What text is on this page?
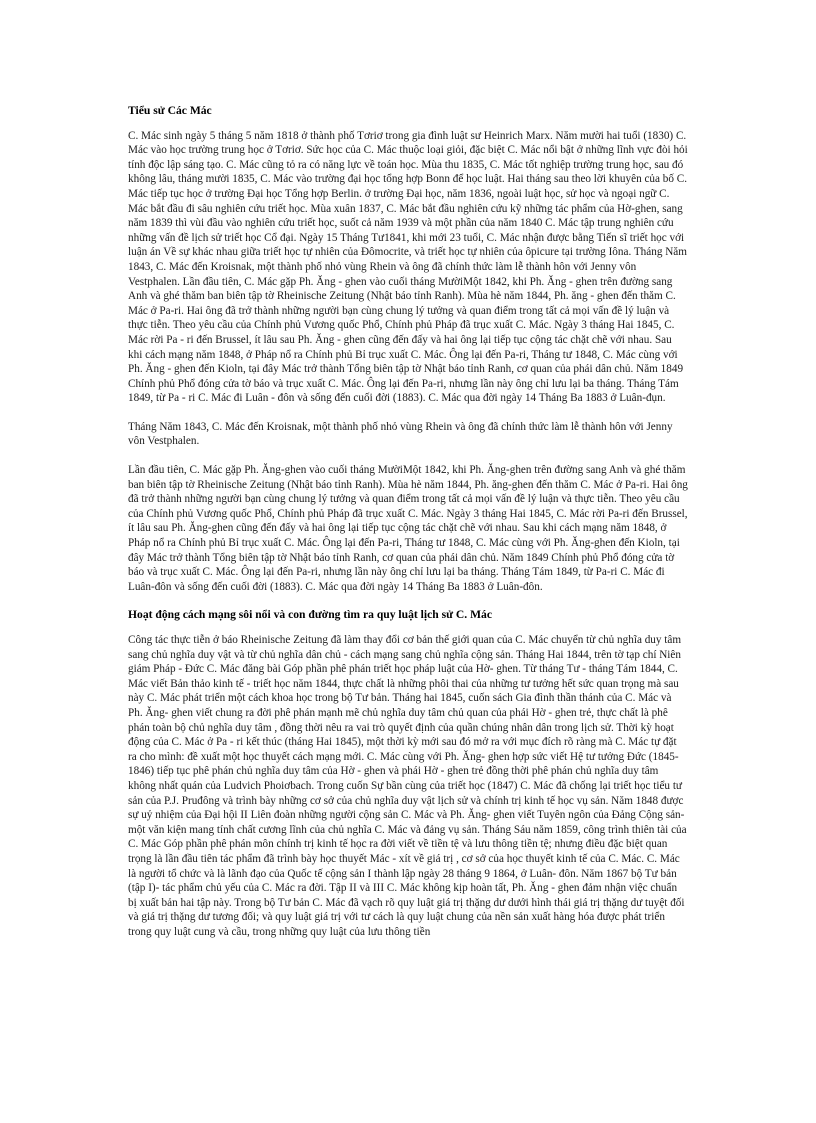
Tiểu sử Các Mác

C. Mác sinh ngày 5 tháng 5 năm 1818 ở thành phố Tơriơ trong gia đình luật sư Heinrich Marx. Năm mười hai tuổi (1830) C. Mác vào học trường trung học ở Tơriơ. Sức học của C. Mác thuộc loại giỏi, đặc biệt C. Mác nổi bật ở những lĩnh vực đòi hỏi tính độc lập sáng tạo. C. Mác cũng tỏ ra có năng lực về toán học. Mùa thu 1835, C. Mác tốt nghiệp trường trung học, sau đó không lâu, tháng mười 1835, C. Mác vào trường đại học tổng hợp Bonn để học luật. Hai tháng sau theo lời khuyên của bố C. Mác tiếp tục học ở trường Đại học Tổng hợp Berlin. ở trường Đại học, năm 1836, ngoài luật học, sử học và ngoại ngữ C. Mác bắt đầu đi sâu nghiên cứu triết học. Mùa xuân 1837, C. Mác bắt đầu nghiên cứu kỹ những tác phẩm của Hờ-ghen, sang năm 1839 thì vùi đầu vào nghiên cứu triết học, suốt cả năm 1939 và một phần của năm 1840 C. Mác tập trung nghiên cứu những vấn đề lịch sử triết học Cổ đại. Ngày 15 Tháng Tư1841, khi mới 23 tuổi, C. Mác nhận được bằng Tiến sĩ triết học với luận án Về sự khác nhau giữa triết học tự nhiên của Đômocrite, và triết học tự nhiên của ôpicure tại trường Iôna. Tháng Năm 1843, C. Mác đến Kroisnak, một thành phố nhỏ vùng Rhein và ông đã chính thức làm lễ thành hôn với Jenny vôn Vestphalen. Lần đầu tiên, C. Mác gặp Ph. Ăng - ghen vào cuối tháng MườiMột 1842, khi Ph. Ăng - ghen trên đường sang Anh và ghé thăm ban biên tập tờ Rheinische Zeitung (Nhật báo tỉnh Ranh). Mùa hè năm 1844, Ph. ăng - ghen đến thăm C. Mác ở Pa-ri. Hai ông đã trở thành những người bạn cùng chung lý tưởng và quan điểm trong tất cả mọi vấn đề lý luận và thực tiễn. Theo yêu cầu của Chính phủ Vương quốc Phổ, Chính phủ Pháp đã trục xuất C. Mác. Ngày 3 tháng Hai 1845, C. Mác rời Pa - ri đến Brussel, ít lâu sau Ph. Ăng - ghen cũng đến đấy và hai ông lại tiếp tục cộng tác chặt chẽ với nhau. Sau khi cách mạng năm 1848, ở Pháp nổ ra Chính phủ Bỉ trục xuất C. Mác. Ông lại đến Pa-ri, Tháng tư 1848, C. Mác cùng với Ph. Ăng - ghen đến Kioln, tại đây Mác trở thành Tổng biên tập tờ Nhật báo tỉnh Ranh, cơ quan của phái dân chủ. Năm 1849 Chính phủ Phổ đóng cửa tờ báo và trục xuất C. Mác. Ông lại đến Pa-ri, nhưng lần này ông chỉ lưu lại ba tháng. Tháng Tám 1849, từ Pa - ri C. Mác đi Luân - đôn và sống đến cuối đời (1883). C. Mác qua đời ngày 14 Tháng Ba 1883 ở Luân-đụn.

Tháng Năm 1843, C. Mác đến Kroisnak, một thành phố nhỏ vùng Rhein và ông đã chính thức làm lễ thành hôn với Jenny vôn Vestphalen.

Lần đầu tiên, C. Mác gặp Ph. Ăng-ghen vào cuối tháng MườiMột 1842, khi Ph. Ăng-ghen trên đường sang Anh và ghé thăm ban biên tập tờ Rheinische Zeitung (Nhật báo tỉnh Ranh). Mùa hè năm 1844, Ph. ăng-ghen đến thăm C. Mác ở Pa-ri. Hai ông đã trở thành những người bạn cùng chung lý tưởng và quan điểm trong tất cả mọi vấn đề lý luận và thực tiễn. Theo yêu cầu của Chính phủ Vương quốc Phổ, Chính phủ Pháp đã trục xuất C. Mác. Ngày 3 tháng Hai 1845, C. Mác rời Pa-ri đến Brussel, ít lâu sau Ph. Ăng-ghen cũng đến đấy và hai ông lại tiếp tục cộng tác chặt chẽ với nhau. Sau khi cách mạng năm 1848, ở Pháp nổ ra Chính phủ Bỉ trục xuất C. Mác. Ông lại đến Pa-ri, Tháng tư 1848, C. Mác cùng với Ph. Ăng-ghen đến Kioln, tại đây Mác trở thành Tổng biên tập tờ Nhật báo tỉnh Ranh, cơ quan của phái dân chủ. Năm 1849 Chính phủ Phổ đóng cửa tờ báo và trục xuất C. Mác. Ông lại đến Pa-ri, nhưng lần này ông chỉ lưu lại ba tháng. Tháng Tám 1849, từ Pa-ri C. Mác đi Luân-đôn và sống đến cuối đời (1883). C. Mác qua đời ngày 14 Tháng Ba 1883 ở Luân-đôn.

Hoạt động cách mạng sôi nổi và con đường tìm ra quy luật lịch sử C. Mác

Công tác thực tiễn ở báo Rheinische Zeitung đã làm thay đổi cơ bản thế giới quan của C. Mác chuyển từ chủ nghĩa duy tâm sang chủ nghĩa duy vật và từ chủ nghĩa dân chủ - cách mạng sang chủ nghĩa cộng sản. Tháng Hai 1844, trên tờ tạp chí Niên giám Pháp - Đức C. Mác đăng bài Góp phần phê phán triết học pháp luật của Hờ- ghen. Từ tháng Tư - tháng Tám 1844, C. Mác viết Bản thảo kinh tế - triết học năm 1844, thực chất là những phôi thai của những tư tưởng hết sức quan trọng mà sau này C. Mác phát triển một cách khoa học trong bộ Tư bản. Tháng hai 1845, cuốn sách Gia đình thần thánh của C. Mác và Ph. Ăng- ghen viết chung ra đời phê phán mạnh mẽ chủ nghĩa duy tâm chủ quan của phái Hờ - ghen trẻ, thực chất là phê phán toàn bộ chủ nghĩa duy tâm , đồng thời nêu ra vai trò quyết định của quần chúng nhân dân trong lịch sử. Thời kỳ hoạt động của C. Mác ở Pa - ri kết thúc (tháng Hai 1845), một thời kỳ mới sau đó mở ra với mục đích rõ ràng mà C. Mác tự đặt ra cho mình: đề xuất một học thuyết cách mạng mới. C. Mác cùng với Ph. Ăng- ghen hợp sức viết Hệ tư tưởng Đức (1845-1846) tiếp tục phê phán chủ nghĩa duy tâm của Hờ - ghen và phái Hờ - ghen trẻ đồng thời phê phán chủ nghĩa duy tâm không nhất quán của Ludvich Phoiơbach. Trong cuốn Sự bần cùng của triết học (1847) C. Mác đã chống lại triết học tiểu tư sản của P.J. Pruđông và trình bày những cơ sở của chủ nghĩa duy vật lịch sử và chính trị kinh tế học vụ sản. Năm 1848 được sự uỷ nhiệm của Đại hội II Liên đoàn những người cộng sản C. Mác và Ph. Ăng- ghen viết Tuyên ngôn của Đảng Cộng sản- một văn kiện mang tính chất cương lĩnh của chủ nghĩa C. Mác và đảng vụ sản. Tháng Sáu năm 1859, công trình thiên tài của C. Mác Góp phần phê phán môn chính trị kinh tế học ra đời viết về tiền tệ và lưu thông tiền tệ; nhưng điều đặc biệt quan trọng là lần đầu tiên tác phẩm đã trình bày học thuyết Mác - xít về giá trị , cơ sở của học thuyết kinh tế của C. Mác. C. Mác là người tổ chức và là lãnh đạo của Quốc tế cộng sản I thành lập ngày 28 tháng 9 1864, ở Luân- đôn. Năm 1867 bộ Tư bản (tập I)- tác phẩm chủ yếu của C. Mác ra đời. Tập II và III C. Mác không kịp hoàn tất, Ph. Ăng - ghen đảm nhận việc chuẩn bị xuất bản hai tập này. Trong bộ Tư bản C. Mác đã vạch rõ quy luật giá trị thặng dư dưới hình thái giá trị thặng dư tuyệt đối và giá trị thặng dư tương đối; và quy luật giá trị với tư cách là quy luật chung của nền sản xuất hàng hóa được phát triển trong quy luật cung và cầu, trong những quy luật của lưu thông tiền
